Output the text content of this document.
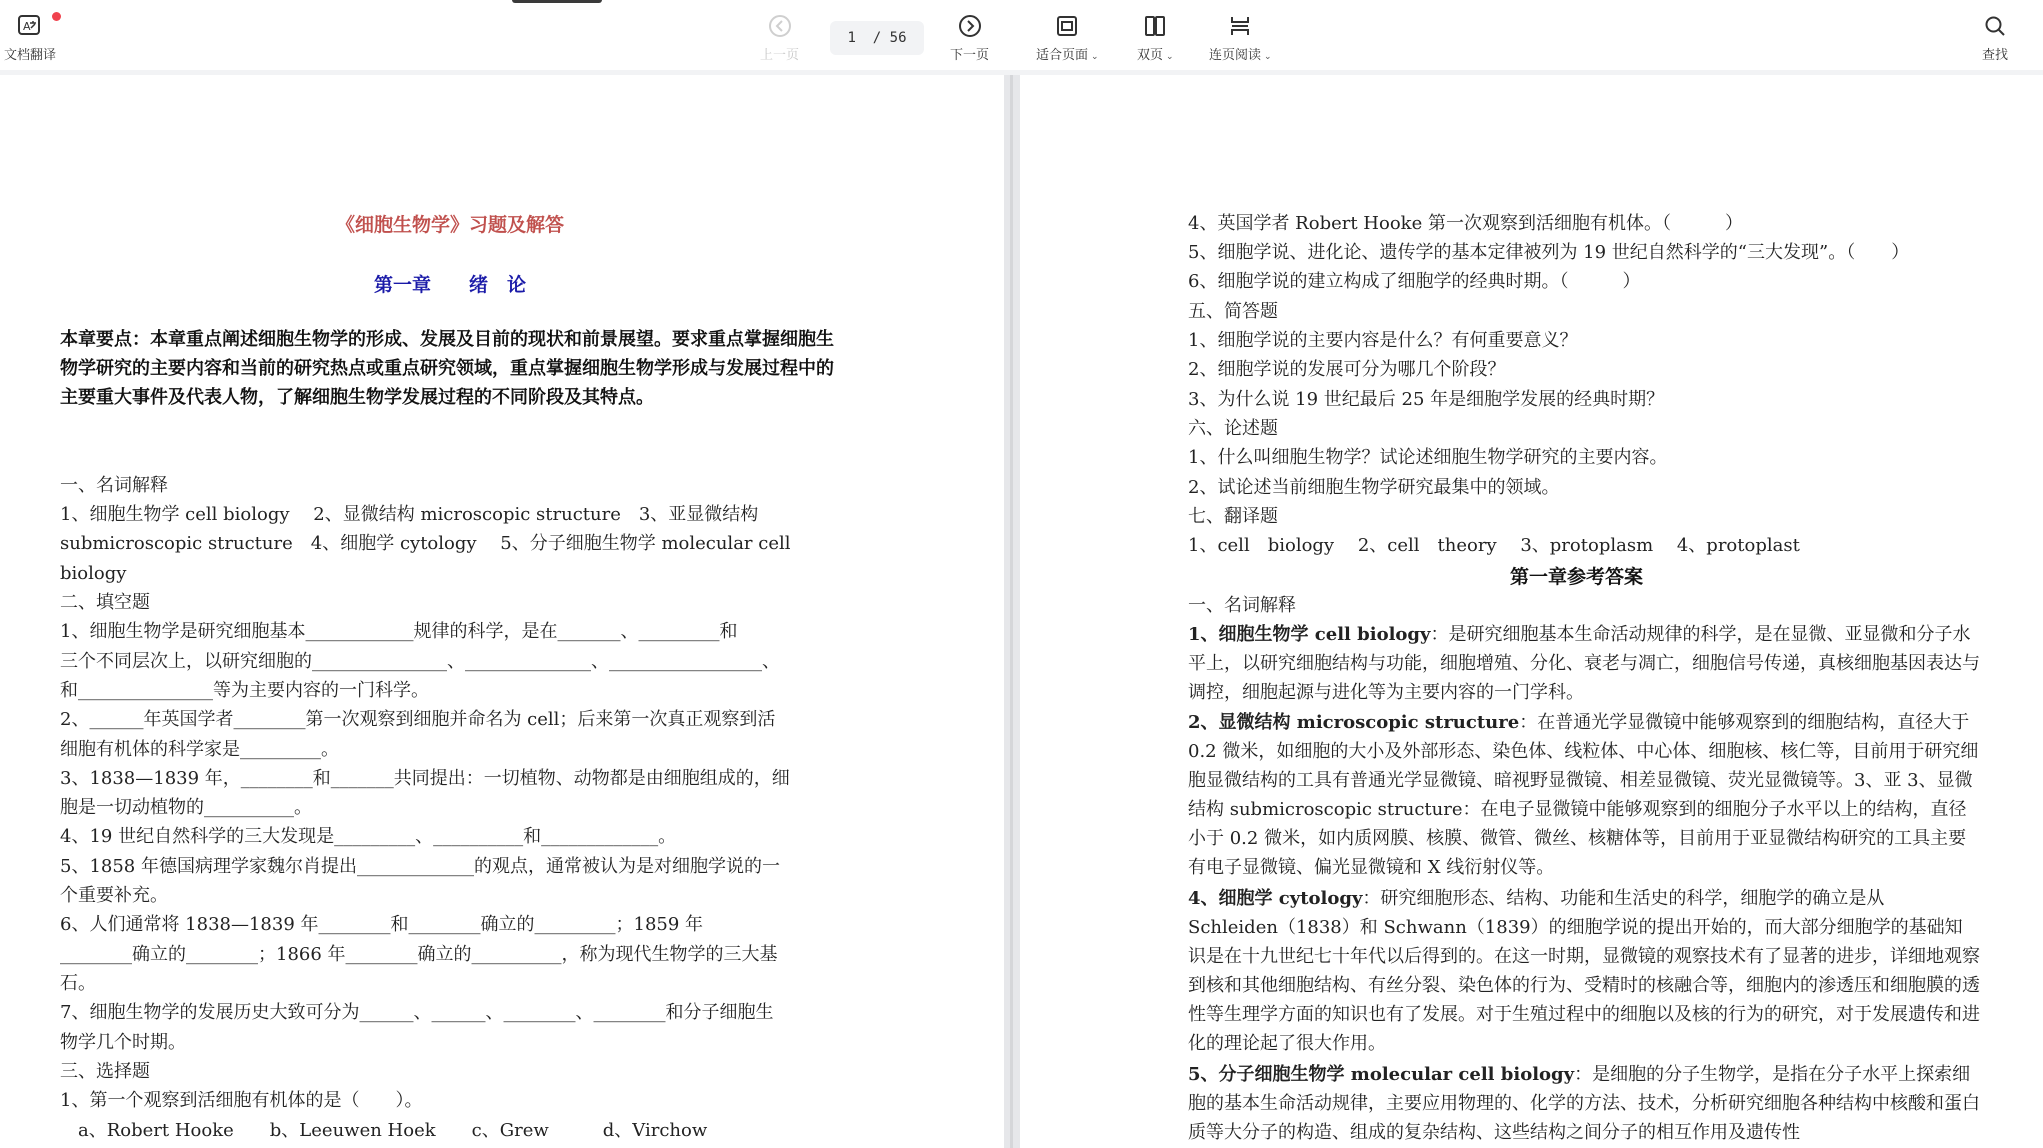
A
文档翻译	上一页
1
/ 56
下一页	适合页面 ⌄	双页 ⌄	连页阅读 ⌄	查找
《细胞生物学》习题及解答
第一章　　绪　论
本章要点：本章重点阐述细胞生物学的形成、发展及目前的现状和前景展望。要求重点掌握细胞生物学研究的主要内容和当前的研究热点或重点研究领域，重点掌握细胞生物学形成与发展过程中的主要重大事件及代表人物，了解细胞生物学发展过程的不同阶段及其特点。
一、名词解释
1、细胞生物学 cell biology　 2、显微结构 microscopic structure　3、亚显微结构
submicroscopic structure　4、细胞学 cytology　 5、分子细胞生物学 molecular cell
biology
二、填空题
1、细胞生物学是研究细胞基本____________规律的科学，是在_______、_________和
三个不同层次上，以研究细胞的_______________、______________、_________________、
和_______________等为主要内容的一门科学。
2、______年英国学者________第一次观察到细胞并命名为 cell；后来第一次真正观察到活
细胞有机体的科学家是_________。
3、1838—1839 年，________和_______共同提出：一切植物、动物都是由细胞组成的，细
胞是一切动植物的__________。
4、19 世纪自然科学的三大发现是_________、__________和_____________。
5、1858 年德国病理学家魏尔肖提出_____________的观点，通常被认为是对细胞学说的一
个重要补充。
6、人们通常将 1838—1839 年________和________确立的_________；1859 年
________确立的________；1866 年________确立的__________，称为现代生物学的三大基
石。
7、细胞生物学的发展历史大致可分为______、______、________、________和分子细胞生
物学几个时期。
三、选择题
1、第一个观察到活细胞有机体的是（　　）。
　a、Robert Hooke　　b、Leeuwen Hoek　　c、Grew　　　d、Virchow
4、英国学者 Robert Hooke 第一次观察到活细胞有机体。（　　　）
5、细胞学说、进化论、遗传学的基本定律被列为 19 世纪自然科学的“三大发现”。（　　）
6、细胞学说的建立构成了细胞学的经典时期。（　　　）
五、简答题
1、细胞学说的主要内容是什么？有何重要意义？
2、细胞学说的发展可分为哪几个阶段？
3、为什么说 19 世纪最后 25 年是细胞学发展的经典时期？
六、论述题
1、什么叫细胞生物学？试论述细胞生物学研究的主要内容。
2、试论述当前细胞生物学研究最集中的领域。
七、翻译题
1、cell　biology　 2、cell　theory　 3、protoplasm　 4、protoplast
第一章参考答案
一、名词解释
1、细胞生物学 cell biology：是研究细胞基本生命活动规律的科学，是在显微、亚显微和分子水平上，以研究细胞结构与功能，细胞增殖、分化、衰老与凋亡，细胞信号传递，真核细胞基因表达与调控，细胞起源与进化等为主要内容的一门学科。
2、显微结构 microscopic structure：在普通光学显微镜中能够观察到的细胞结构，直径大于 0.2 微米，如细胞的大小及外部形态、染色体、线粒体、中心体、细胞核、核仁等，目前用于研究细胞显微结构的工具有普通光学显微镜、暗视野显微镜、相差显微镜、荧光显微镜等。3、亚 3、显微结构 submicroscopic structure：在电子显微镜中能够观察到的细胞分子水平以上的结构，直径小于 0.2 微米，如内质网膜、核膜、微管、微丝、核糖体等，目前用于亚显微结构研究的工具主要有电子显微镜、偏光显微镜和 X 线衍射仪等。
4、细胞学 cytology：研究细胞形态、结构、功能和生活史的科学，细胞学的确立是从 Schleiden（1838）和 Schwann（1839）的细胞学说的提出开始的，而大部分细胞学的基础知识是在十九世纪七十年代以后得到的。在这一时期，显微镜的观察技术有了显著的进步，详细地观察到核和其他细胞结构、有丝分裂、染色体的行为、受精时的核融合等，细胞内的渗透压和细胞膜的透性等生理学方面的知识也有了发展。对于生殖过程中的细胞以及核的行为的研究，对于发展遗传和进化的理论起了很大作用。
5、分子细胞生物学 molecular cell biology：是细胞的分子生物学，是指在分子水平上探索细胞的基本生命活动规律，主要应用物理的、化学的方法、技术，分析研究细胞各种结构中核酸和蛋白质等大分子的构造、组成的复杂结构、这些结构之间分子的相互作用及遗传性
